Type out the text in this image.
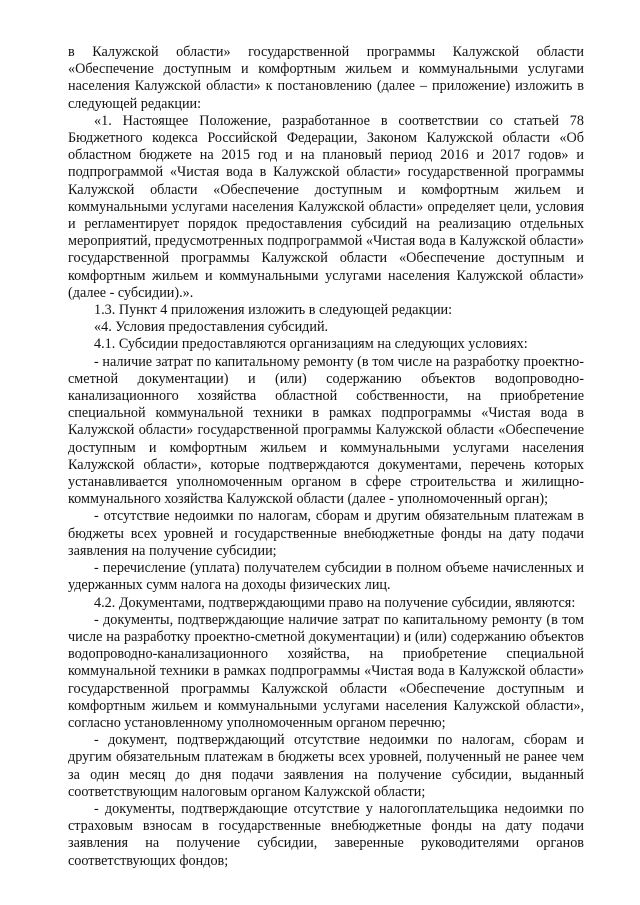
в Калужской области» государственной программы Калужской области «Обеспечение доступным и комфортным жильем и коммунальными услугами населения Калужской области» к постановлению (далее – приложение) изложить в следующей редакции:

«1. Настоящее Положение, разработанное в соответствии со статьей 78 Бюджетного кодекса Российской Федерации, Законом Калужской области «Об областном бюджете на 2015 год и на плановый период 2016 и 2017 годов» и подпрограммой «Чистая вода в Калужской области» государственной программы Калужской области «Обеспечение доступным и комфортным жильем и коммунальными услугами населения Калужской области» определяет цели, условия и регламентирует порядок предоставления субсидий на реализацию отдельных мероприятий, предусмотренных подпрограммой «Чистая вода в Калужской области» государственной программы Калужской области «Обеспечение доступным и комфортным жильем и коммунальными услугами населения Калужской области» (далее - субсидии).».

1.3. Пункт 4 приложения изложить в следующей редакции:

«4. Условия предоставления субсидий.

4.1. Субсидии предоставляются организациям на следующих условиях:

- наличие затрат по капитальному ремонту (в том числе на разработку проектно-сметной документации) и (или) содержанию объектов водопроводно-канализационного хозяйства областной собственности, на приобретение специальной коммунальной техники в рамках подпрограммы «Чистая вода в Калужской области» государственной программы Калужской области «Обеспечение доступным и комфортным жильем и коммунальными услугами населения Калужской области», которые подтверждаются документами, перечень которых устанавливается уполномоченным органом в сфере строительства и жилищно-коммунального хозяйства Калужской области (далее - уполномоченный орган);

- отсутствие недоимки по налогам, сборам и другим обязательным платежам в бюджеты всех уровней и государственные внебюджетные фонды на дату подачи заявления на получение субсидии;

- перечисление (уплата) получателем субсидии в полном объеме начисленных и удержанных сумм налога на доходы физических лиц.

4.2. Документами, подтверждающими право на получение субсидии, являются:

- документы, подтверждающие наличие затрат по капитальному ремонту (в том числе на разработку проектно-сметной документации) и (или) содержанию объектов водопроводно-канализационного хозяйства, на приобретение специальной коммунальной техники в рамках подпрограммы «Чистая вода в Калужской области» государственной программы Калужской области «Обеспечение доступным и комфортным жильем и коммунальными услугами населения Калужской области», согласно установленному уполномоченным органом перечню;

- документ, подтверждающий отсутствие недоимки по налогам, сборам и другим обязательным платежам в бюджеты всех уровней, полученный не ранее чем за один месяц до дня подачи заявления на получение субсидии, выданный соответствующим налоговым органом Калужской области;

- документы, подтверждающие отсутствие у налогоплательщика недоимки по страховым взносам в государственные внебюджетные фонды на дату подачи заявления на получение субсидии, заверенные руководителями органов соответствующих фондов;
